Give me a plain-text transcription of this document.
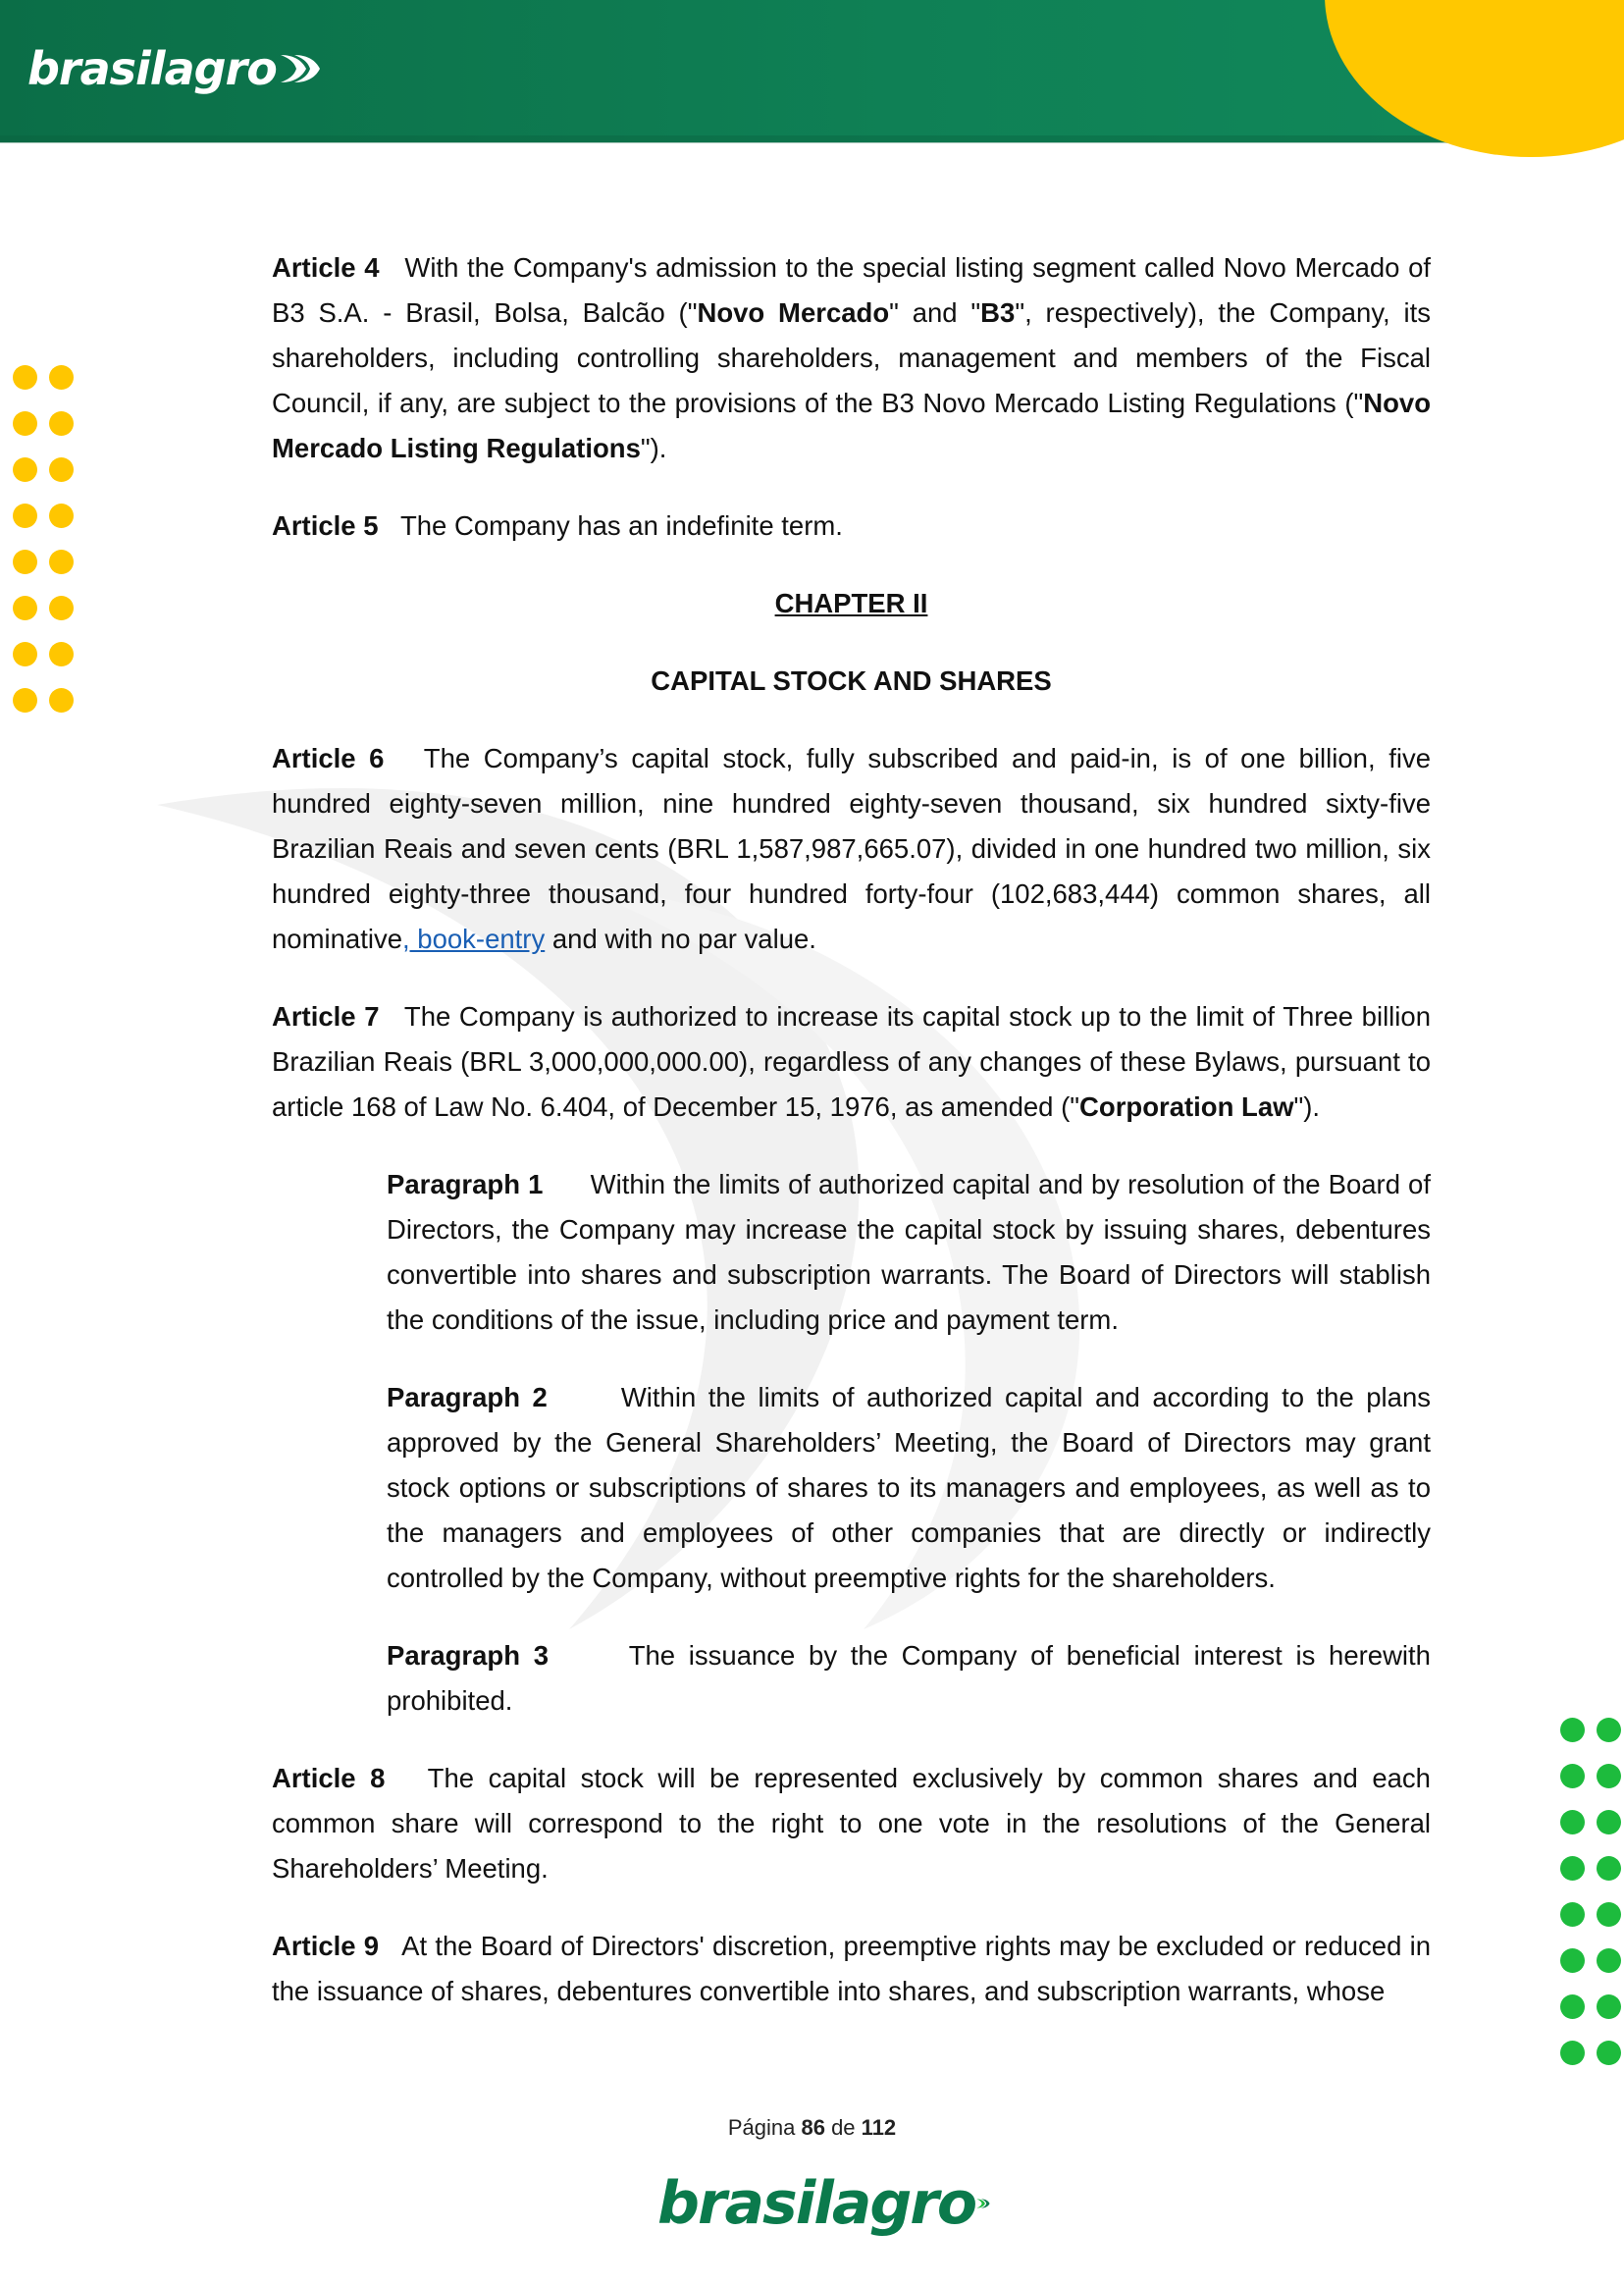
brasilagro

Article 4 With the Company's admission to the special listing segment called Novo Mercado of B3 S.A. - Brasil, Bolsa, Balcão ("Novo Mercado" and "B3", respectively), the Company, its shareholders, including controlling shareholders, management and members of the Fiscal Council, if any, are subject to the provisions of the B3 Novo Mercado Listing Regulations ("Novo Mercado Listing Regulations").

Article 5 The Company has an indefinite term.

CHAPTER II

CAPITAL STOCK AND SHARES

Article 6 The Company’s capital stock, fully subscribed and paid-in, is of one billion, five hundred eighty-seven million, nine hundred eighty-seven thousand, six hundred sixty-five Brazilian Reais and seven cents (BRL 1,587,987,665.07), divided in one hundred two million, six hundred eighty-three thousand, four hundred forty-four (102,683,444) common shares, all nominative, book-entry and with no par value.

Article 7 The Company is authorized to increase its capital stock up to the limit of Three billion Brazilian Reais (BRL 3,000,000,000.00), regardless of any changes of these Bylaws, pursuant to article 168 of Law No. 6.404, of December 15, 1976, as amended ("Corporation Law").

Paragraph 1 Within the limits of authorized capital and by resolution of the Board of Directors, the Company may increase the capital stock by issuing shares, debentures convertible into shares and subscription warrants. The Board of Directors will stablish the conditions of the issue, including price and payment term.

Paragraph 2	Within the limits of authorized capital and according to the plans approved by the General Shareholders’ Meeting, the Board of Directors may grant stock options or subscriptions of shares to its managers and employees, as well as to the managers and employees of other companies that are directly or indirectly controlled by the Company, without preemptive rights for the shareholders.

Paragraph 3	The issuance by the Company of beneficial interest is herewith prohibited.

Article 8 The capital stock will be represented exclusively by common shares and each common share will correspond to the right to one vote in the resolutions of the General Shareholders’ Meeting.

Article 9 At the Board of Directors' discretion, preemptive rights may be excluded or reduced in the issuance of shares, debentures convertible into shares, and subscription warrants, whose

Página 86 de 112
brasilagro
